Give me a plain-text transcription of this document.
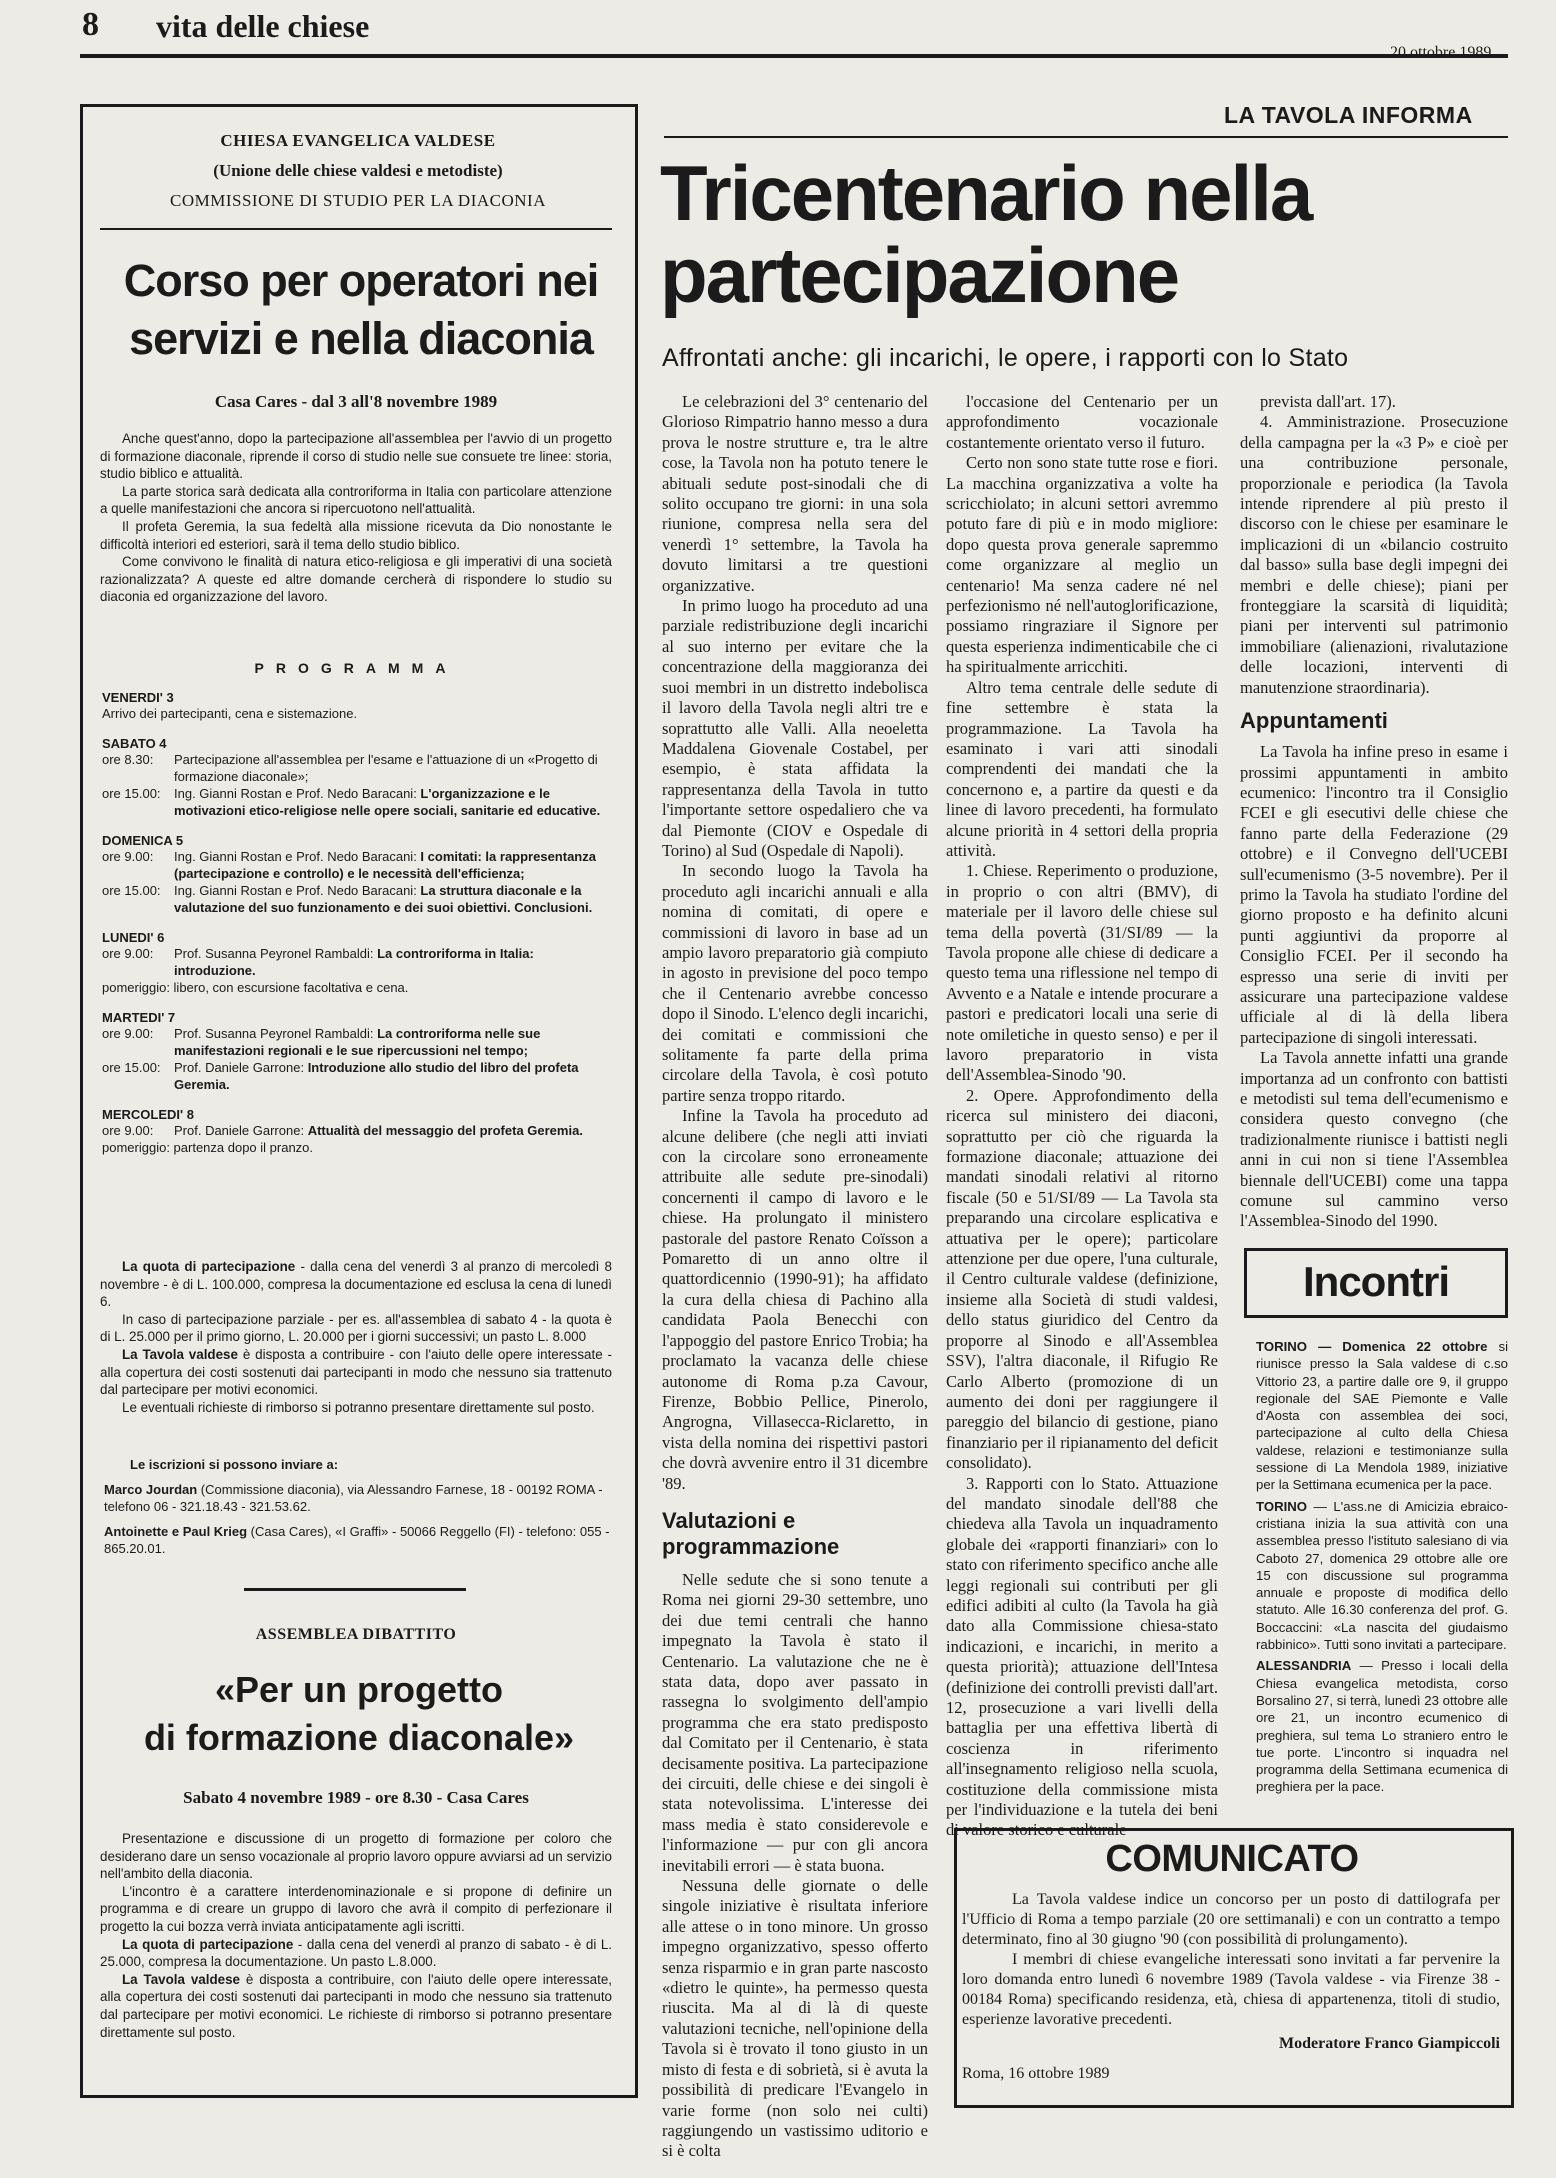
8 vita delle chiese
20 ottobre 1989
CHIESA EVANGELICA VALDESE
(Unione delle chiese valdesi e metodiste)
COMMISSIONE DI STUDIO PER LA DIACONIA
Corso per operatori nei
servizi e nella diaconia
Casa Cares - dal 3 all'8 novembre 1989

Anche quest'anno, dopo la partecipazione all'assemblea per l'avvio di un progetto di formazione diaconale, riprende il corso di studio nelle sue consuete tre linee: storia, studio biblico e attualità.

La parte storica sarà dedicata alla controriforma in Italia con particolare attenzione a quelle manifestazioni che ancora si ripercuotono nell'attualità.

Il profeta Geremia, la sua fedeltà alla missione ricevuta da Dio nonostante le difficoltà interiori ed esteriori, sarà il tema dello studio biblico.

Come convivono le finalità di natura etico-religiosa e gli imperativi di una società razionalizzata? A queste ed altre domande cercherà di rispondere lo studio su diaconia ed organizzazione del lavoro.

PROGRAMMA
VENERDI' 3
Arrivo dei partecipanti, cena e sistemazione.
SABATO 4
ore 8.30: Partecipazione all'assemblea per l'esame e l'attuazione di un «Progetto di formazione diaconale»;
ore 15.00: Ing. Gianni Rostan e Prof. Nedo Baracani: L'organizzazione e le motivazioni etico-religiose nelle opere sociali, sanitarie ed educative.
DOMENICA 5
ore 9.00: Ing. Gianni Rostan e Prof. Nedo Baracani: I comitati: la rappresentanza (partecipazione e controllo) e le necessità dell'efficienza;
ore 15.00: Ing. Gianni Rostan e Prof. Nedo Baracani: La struttura diaconale e la valutazione del suo funzionamento e dei suoi obiettivi. Conclusioni.
LUNEDI' 6
ore 9.00: Prof. Susanna Peyronel Rambaldi: La controriforma in Italia: introduzione.
pomeriggio: libero, con escursione facoltativa e cena.
MARTEDI' 7
ore 9.00: Prof. Susanna Peyronel Rambaldi: La controriforma nelle sue manifestazioni regionali e le sue ripercussioni nel tempo;
ore 15.00: Prof. Daniele Garrone: Introduzione allo studio del libro del profeta Geremia.
MERCOLEDI' 8
ore 9.00: Prof. Daniele Garrone: Attualità del messaggio del profeta Geremia.
pomeriggio: partenza dopo il pranzo.

La quota di partecipazione - dalla cena del venerdì 3 al pranzo di mercoledì 8 novembre - è di L. 100.000, compresa la documentazione ed esclusa la cena di lunedì 6.

In caso di partecipazione parziale - per es. all'assemblea di sabato 4 - la quota è di L. 25.000 per il primo giorno, L. 20.000 per i giorni successivi; un pasto L. 8.000

La Tavola valdese è disposta a contribuire - con l'aiuto delle opere interessate - alla copertura dei costi sostenuti dai partecipanti in modo che nessuno sia trattenuto dal partecipare per motivi economici.

Le eventuali richieste di rimborso si potranno presentare direttamente sul posto.

Le iscrizioni si possono inviare a:
Marco Jourdan (Commissione diaconia), via Alessandro Farnese, 18 - 00192 ROMA - telefono 06 - 321.18.43 - 321.53.62.
Antoinette e Paul Krieg (Casa Cares), «I Graffi» - 50066 Reggello (FI) - telefono: 055 - 865.20.01.
ASSEMBLEA DIBATTITO
«Per un progetto
di formazione diaconale»
Sabato 4 novembre 1989 - ore 8.30 - Casa Cares

Presentazione e discussione di un progetto di formazione per coloro che desiderano dare un senso vocazionale al proprio lavoro oppure avviarsi ad un servizio nell'ambito della diaconia.

L'incontro è a carattere interdenominazionale e si propone di definire un programma e di creare un gruppo di lavoro che avrà il compito di perfezionare il progetto la cui bozza verrà inviata anticipatamente agli iscritti.

La quota di partecipazione - dalla cena del venerdì al pranzo di sabato - è di L. 25.000, compresa la documentazione. Un pasto L.8.000.

La Tavola valdese è disposta a contribuire, con l'aiuto delle opere interessate, alla copertura dei costi sostenuti dai partecipanti in modo che nessuno sia trattenuto dal partecipare per motivi economici. Le richieste di rimborso si potranno presentare direttamente sul posto.

LA TAVOLA INFORMA
Tricentenario nella
partecipazione
Affrontati anche: gli incarichi, le opere, i rapporti con lo Stato

Le celebrazioni del 3° centenario del Glorioso Rimpatrio hanno messo a dura prova le nostre strutture e, tra le altre cose, la Tavola non ha potuto tenere le abituali sedute post-sinodali che di solito occupano tre giorni: in una sola riunione, compresa nella sera del venerdì 1° settembre, la Tavola ha dovuto limitarsi a tre questioni organizzative.

In primo luogo ha proceduto ad una parziale redistribuzione degli incarichi al suo interno per evitare che la concentrazione della maggioranza dei suoi membri in un distretto indebolisca il lavoro della Tavola negli altri tre e soprattutto alle Valli. Alla neoeletta Maddalena Giovenale Costabel, per esempio, è stata affidata la rappresentanza della Tavola in tutto l'importante settore ospedaliero che va dal Piemonte (CIOV e Ospedale di Torino) al Sud (Ospedale di Napoli).

In secondo luogo la Tavola ha proceduto agli incarichi annuali e alla nomina di comitati, di opere e commissioni di lavoro in base ad un ampio lavoro preparatorio già compiuto in agosto in previsione del poco tempo che il Centenario avrebbe concesso dopo il Sinodo. L'elenco degli incarichi, dei comitati e commissioni che solitamente fa parte della prima circolare della Tavola, è così potuto partire senza troppo ritardo.

Infine la Tavola ha proceduto ad alcune delibere (che negli atti inviati con la circolare sono erroneamente attribuite alle sedute pre-sinodali) concernenti il campo di lavoro e le chiese. Ha prolungato il ministero pastorale del pastore Renato Coïsson a Pomaretto di un anno oltre il quattordicennio (1990-91); ha affidato la cura della chiesa di Pachino alla candidata Paola Benecchi con l'appoggio del pastore Enrico Trobia; ha proclamato la vacanza delle chiese autonome di Roma p.za Cavour, Firenze, Bobbio Pellice, Pinerolo, Angrogna, Villasecca-Riclaretto, in vista della nomina dei rispettivi pastori che dovrà avvenire entro il 31 dicembre '89.

Valutazioni e programmazione

Nelle sedute che si sono tenute a Roma nei giorni 29-30 settembre, uno dei due temi centrali che hanno impegnato la Tavola è stato il Centenario. La valutazione che ne è stata data, dopo aver passato in rassegna lo svolgimento dell'ampio programma che era stato predisposto dal Comitato per il Centenario, è stata decisamente positiva. La partecipazione dei circuiti, delle chiese e dei singoli è stata notevolissima. L'interesse dei mass media è stato considerevole e l'informazione — pur con gli ancora inevitabili errori — è stata buona.

Nessuna delle giornate o delle singole iniziative è risultata inferiore alle attese o in tono minore. Un grosso impegno organizzativo, spesso offerto senza risparmio e in gran parte nascosto «dietro le quinte», ha permesso questa riuscita. Ma al di là di queste valutazioni tecniche, nell'opinione della Tavola si è trovato il tono giusto in un misto di festa e di sobrietà, si è avuta la possibilità di predicare l'Evangelo in varie forme (non solo nei culti) raggiungendo un vastissimo uditorio e si è colta

l'occasione del Centenario per un approfondimento vocazionale costantemente orientato verso il futuro.

Certo non sono state tutte rose e fiori. La macchina organizzativa a volte ha scricchiolato; in alcuni settori avremmo potuto fare di più e in modo migliore: dopo questa prova generale sapremmo come organizzare al meglio un centenario! Ma senza cadere né nel perfezionismo né nell'autoglorificazione, possiamo ringraziare il Signore per questa esperienza indimenticabile che ci ha spiritualmente arricchiti.

Altro tema centrale delle sedute di fine settembre è stata la programmazione. La Tavola ha esaminato i vari atti sinodali comprendenti dei mandati che la concernono e, a partire da questi e da linee di lavoro precedenti, ha formulato alcune priorità in 4 settori della propria attività.

1. Chiese. Reperimento o produzione, in proprio o con altri (BMV), di materiale per il lavoro delle chiese sul tema della povertà (31/SI/89 — la Tavola propone alle chiese di dedicare a questo tema una riflessione nel tempo di Avvento e a Natale e intende procurare a pastori e predicatori locali una serie di note omiletiche in questo senso) e per il lavoro preparatorio in vista dell'Assemblea-Sinodo '90.

2. Opere. Approfondimento della ricerca sul ministero dei diaconi, soprattutto per ciò che riguarda la formazione diaconale; attuazione dei mandati sinodali relativi al ritorno fiscale (50 e 51/SI/89 — La Tavola sta preparando una circolare esplicativa e attuativa per le opere); particolare attenzione per due opere, l'una culturale, il Centro culturale valdese (definizione, insieme alla Società di studi valdesi, dello status giuridico del Centro da proporre al Sinodo e all'Assemblea SSV), l'altra diaconale, il Rifugio Re Carlo Alberto (promozione di un aumento dei doni per raggiungere il pareggio del bilancio di gestione, piano finanziario per il ripianamento del deficit consolidato).

3. Rapporti con lo Stato. Attuazione del mandato sinodale dell'88 che chiedeva alla Tavola un inquadramento globale dei «rapporti finanziari» con lo stato con riferimento specifico anche alle leggi regionali sui contributi per gli edifici adibiti al culto (la Tavola ha già dato alla Commissione chiesa-stato indicazioni, e incarichi, in merito a questa priorità); attuazione dell'Intesa (definizione dei controlli previsti dall'art. 12, prosecuzione a vari livelli della battaglia per una effettiva libertà di coscienza in riferimento all'insegnamento religioso nella scuola, costituzione della commissione mista per l'individuazione e la tutela dei beni di valore storico e culturale

prevista dall'art. 17).

4. Amministrazione. Prosecuzione della campagna per la «3 P» e cioè per una contribuzione personale, proporzionale e periodica (la Tavola intende riprendere al più presto il discorso con le chiese per esaminare le implicazioni di un «bilancio costruito dal basso» sulla base degli impegni dei membri e delle chiese); piani per fronteggiare la scarsità di liquidità; piani per interventi sul patrimonio immobiliare (alienazioni, rivalutazione delle locazioni, interventi di manutenzione straordinaria).

Appuntamenti

La Tavola ha infine preso in esame i prossimi appuntamenti in ambito ecumenico: l'incontro tra il Consiglio FCEI e gli esecutivi delle chiese che fanno parte della Federazione (29 ottobre) e il Convegno dell'UCEBI sull'ecumenismo (3-5 novembre). Per il primo la Tavola ha studiato l'ordine del giorno proposto e ha definito alcuni punti aggiuntivi da proporre al Consiglio FCEI. Per il secondo ha espresso una serie di inviti per assicurare una partecipazione valdese ufficiale al di là della libera partecipazione di singoli interessati.

La Tavola annette infatti una grande importanza ad un confronto con battisti e metodisti sul tema dell'ecumenismo e considera questo convegno (che tradizionalmente riunisce i battisti negli anni in cui non si tiene l'Assemblea biennale dell'UCEBI) come una tappa comune sul cammino verso l'Assemblea-Sinodo del 1990.

Incontri

TORINO — Domenica 22 ottobre si riunisce presso la Sala valdese di c.so Vittorio 23, a partire dalle ore 9, il gruppo regionale del SAE Piemonte e Valle d'Aosta con assemblea dei soci, partecipazione al culto della Chiesa valdese, relazioni e testimonianze sulla sessione di La Mendola 1989, iniziative per la Settimana ecumenica per la pace.

TORINO — L'ass.ne di Amicizia ebraico-cristiana inizia la sua attività con una assemblea presso l'istituto salesiano di via Caboto 27, domenica 29 ottobre alle ore 15 con discussione sul programma annuale e proposte di modifica dello statuto. Alle 16.30 conferenza del prof. G. Boccaccini: «La nascita del giudaismo rabbinico». Tutti sono invitati a partecipare.

ALESSANDRIA — Presso i locali della Chiesa evangelica metodista, corso Borsalino 27, si terrà, lunedì 23 ottobre alle ore 21, un incontro ecumenico di preghiera, sul tema Lo straniero entro le tue porte. L'incontro si inquadra nel programma della Settimana ecumenica di preghiera per la pace.

COMUNICATO

La Tavola valdese indice un concorso per un posto di dattilografa per l'Ufficio di Roma a tempo parziale (20 ore settimanali) e con un contratto a tempo determinato, fino al 30 giugno '90 (con possibilità di prolungamento).

I membri di chiese evangeliche interessati sono invitati a far pervenire la loro domanda entro lunedì 6 novembre 1989 (Tavola valdese - via Firenze 38 - 00184 Roma) specificando residenza, età, chiesa di appartenenza, titoli di studio, esperienze lavorative precedenti.

Moderatore Franco Giampiccoli
Roma, 16 ottobre 1989
